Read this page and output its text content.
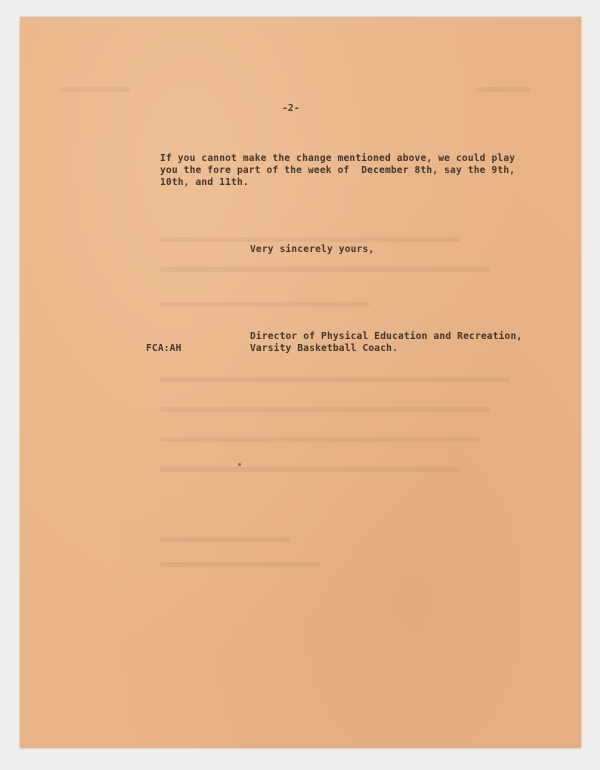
-2-
If you cannot make the change mentioned above, we could play
you the fore part of the week of  December 8th, say the 9th,
10th, and 11th.
Very sincerely yours,
Director of Physical Education and Recreation,
Varsity Basketball Coach.
FCA:AH
